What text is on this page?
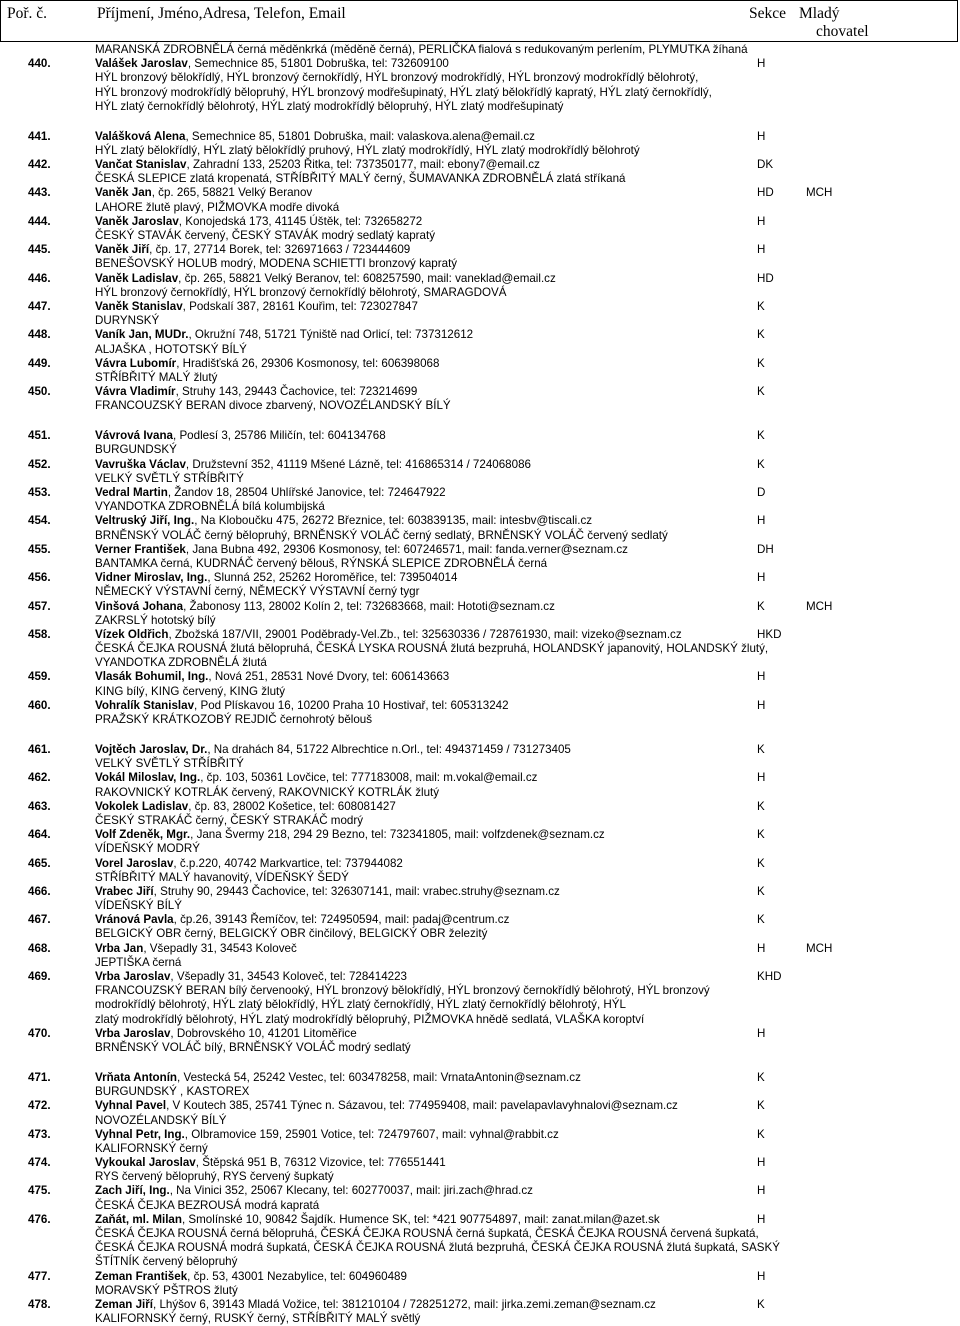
Poř. č.	Příjmení, Jméno,Adresa, Telefon, Email	Sekce Mladý
chovatel
MARANSKÁ ZDROBNĚLÁ černá měděnkrká (měděně černá), PERLIČKA fialová s redukovaným perlením, PLYMUTKA žíhaná
440.	Valášek Jaroslav, Semechnice 85, 51801 Dobruška, tel: 732609100	H
HÝL bronzový bělokřídlý, HÝL bronzový černokřídlý, HÝL bronzový modrokřídlý, HÝL bronzový modrokřídlý bělohrotý,
HÝL bronzový modrokřídlý bělopruhý, HÝL bronzový modřešupinatý, HÝL zlatý bělokřídlý kapratý, HÝL zlatý černokřídlý,
HÝL zlatý černokřídlý bělohrotý, HÝL zlatý modrokřídlý bělopruhý, HÝL zlatý modřešupinatý
441.	Valášková Alena, Semechnice 85, 51801 Dobruška, mail: valaskova.alena@email.cz	H
HÝL zlatý bělokřídlý, HÝL zlatý bělokřídlý pruhový, HÝL zlatý modrokřídlý, HÝL zlatý modrokřídlý bělohrotý
442.	Vančat Stanislav, Zahradní 133, 25203 Řitka, tel: 737350177, mail: ebony7@email.cz	DK
ČESKÁ SLEPICE zlatá kropenatá, STŘÍBŘITÝ MALÝ černý, ŠUMAVANKA ZDROBNĚLÁ zlatá stříkaná
443.	Vaněk Jan, čp. 265, 58821 Velký Beranov	HD	MCH
LAHORE žlutě plavý, PIŽMOVKA modře divoká
444.	Vaněk Jaroslav, Konojedská 173, 41145 Úštěk, tel: 732658272	H
ČESKÝ STAVÁK červený, ČESKÝ STAVÁK modrý sedlatý kapratý
445.	Vaněk Jiří, čp. 17, 27714 Borek, tel: 326971663 / 723444609	H
BENEŠOVSKÝ HOLUB modrý, MODENA SCHIETTI bronzový kapratý
446.	Vaněk Ladislav, čp. 265, 58821 Velký Beranov, tel: 608257590, mail: vaneklad@email.cz	HD
HÝL bronzový černokřídlý, HÝL bronzový černokřídlý bělohrotý, SMARAGDOVÁ
447.	Vaněk Stanislav, Podskalí 387, 28161 Kouřim, tel: 723027847	K
DURYNSKÝ
448.	Vaník Jan, MUDr., Okružní 748, 51721 Týniště nad Orlicí, tel: 737312612	K
ALJAŠKA , HOTOTSKÝ BÍLÝ
449.	Vávra Lubomír, Hradišťská 26, 29306 Kosmonosy, tel: 606398068	K
STŘÍBŘITÝ MALÝ žlutý
450.	Vávra Vladimír, Struhy 143, 29443 Čachovice, tel: 723214699	K
FRANCOUZSKÝ BERAN divoce zbarvený, NOVOZÉLANDSKÝ BÍLÝ
451.	Vávrová Ivana, Podlesí 3, 25786 Miličín, tel: 604134768	K
BURGUNDSKÝ
452.	Vavruška Václav, Družstevní 352, 41119 Mšené Lázně, tel: 416865314 / 724068086	K
VELKÝ SVĚTLÝ STŘÍBŘITÝ
453.	Vedral Martin, Žandov 18, 28504 Uhlířské Janovice, tel: 724647922	D
VYANDOTKA ZDROBNĚLÁ bílá kolumbijská
454.	Veltruský Jiří, Ing., Na Kloboučku 475, 26272 Březnice, tel: 603839135, mail: intesbv@tiscali.cz	H
BRNĚNSKÝ VOLÁČ černý bělopruhý, BRNĚNSKÝ VOLÁČ černý sedlatý, BRNĚNSKÝ VOLÁČ červený sedlatý
455.	Verner František, Jana Bubna 492, 29306 Kosmonosy, tel: 607246571, mail: fanda.verner@seznam.cz	DH
BANTAMKA černá, KUDRNÁČ červený bělouš, RÝNSKÁ SLEPICE ZDROBNĚLÁ černá
456.	Vidner Miroslav, Ing., Slunná 252, 25262 Horoměřice, tel: 739504014	H
NĚMECKÝ VÝSTAVNÍ černý, NĚMECKÝ VÝSTAVNÍ černý tygr
457.	Vinšová Johana, Žabonosy 113, 28002 Kolín 2, tel: 732683668, mail: Hototi@seznam.cz	K	MCH
ZAKRSLÝ hototský bílý
458.	Vízek Oldřich, Zbožská 187/VII, 29001 Poděbrady-Vel.Zb., tel: 325630336 / 728761930, mail: vizeko@seznam.cz	HKD
ČESKÁ ČEJKA ROUSNÁ žlutá bělopruhá, ČESKÁ LYSKA ROUSNÁ žlutá bezpruhá, HOLANDSKÝ japanovitý, HOLANDSKÝ žlutý,
VYANDOTKA ZDROBNĚLÁ žlutá
459.	Vlasák Bohumil, Ing., Nová 251, 28531 Nové Dvory, tel: 606143663	H
KING bílý, KING červený, KING žlutý
460.	Vohralík Stanislav, Pod Plískavou 16, 10200 Praha 10 Hostivař, tel: 605313242	H
PRAŽSKÝ KRÁTKOZOBÝ REJDIČ černohrotý bělouš
461.	Vojtěch Jaroslav, Dr., Na drahách 84, 51722 Albrechtice n.Orl., tel: 494371459 / 731273405	K
VELKÝ SVĚTLÝ STŘÍBŘITÝ
462.	Vokál Miloslav, Ing., čp. 103, 50361 Lovčice, tel: 777183008, mail: m.vokal@email.cz	H
RAKOVNICKÝ KOTRLÁK červený, RAKOVNICKÝ KOTRLÁK žlutý
463.	Vokolek Ladislav, čp. 83, 28002 Košetice, tel: 608081427	K
ČESKÝ STRAKÁČ černý, ČESKÝ STRAKÁČ modrý
464.	Volf Zdeněk, Mgr., Jana Švermy 218, 294 29 Bezno, tel: 732341805, mail: volfzdenek@seznam.cz	K
VÍDEŇSKÝ MODRÝ
465.	Vorel Jaroslav, č.p.220, 40742 Markvartice, tel: 737944082	K
STŘÍBŘITÝ MALÝ havanovitý, VÍDEŇSKÝ ŠEDÝ
466.	Vrabec Jiří, Struhy 90, 29443 Čachovice, tel: 326307141, mail: vrabec.struhy@seznam.cz	K
VÍDEŇSKÝ BÍLÝ
467.	Vránová Pavla, čp.26, 39143 Řemíčov, tel: 724950594, mail: padaj@centrum.cz	K
BELGICKÝ OBR černý, BELGICKÝ OBR činčilový, BELGICKÝ OBR železitý
468.	Vrba Jan, Všepadly 31, 34543 Koloveč	H	MCH
JEPTIŠKA černá
469.	Vrba Jaroslav, Všepadly 31, 34543 Koloveč, tel: 728414223	KHD
FRANCOUZSKÝ BERAN bílý červenooký, HÝL bronzový bělokřídlý, HÝL bronzový černokřídlý bělohrotý, HÝL bronzový
modrokřídlý bělohrotý, HÝL zlatý bělokřídlý, HÝL zlatý černokřídlý, HÝL zlatý černokřídlý bělohrotý, HÝL
zlatý modrokřídlý bělohrotý, HÝL zlatý modrokřídlý bělopruhý, PIŽMOVKA hnědě sedlatá, VLAŠKA koroptví
470.	Vrba Jaroslav, Dobrovského 10, 41201 Litoměřice	H
BRNĚNSKÝ VOLÁČ bílý, BRNĚNSKÝ VOLÁČ modrý sedlatý
471.	Vrňata Antonín, Vestecká 54, 25242 Vestec, tel: 603478258, mail: VrnataAntonin@seznam.cz	K
BURGUNDSKÝ , KASTOREX
472.	Vyhnal Pavel, V Koutech 385, 25741 Týnec n. Sázavou, tel: 774959408, mail: pavelapavlavyhnalovi@seznam.cz	K
NOVOZÉLANDSKÝ BÍLÝ
473.	Vyhnal Petr, Ing., Olbramovice 159, 25901 Votice, tel: 724797607, mail: vyhnal@rabbit.cz	K
KALIFORNSKÝ černý
474.	Vykoukal Jaroslav, Štěpská 951 B, 76312 Vizovice, tel: 776551441	H
RYS červený bělopruhý, RYS červený šupkatý
475.	Zach Jiří, Ing., Na Vinici 352, 25067 Klecany, tel: 602770037, mail: jiri.zach@hrad.cz	H
ČESKÁ ČEJKA BEZROUSÁ modrá kapratá
476.	Zaňát, ml. Milan, Smolínské 10, 90842 Šajdík. Humence SK, tel: *421 907754897, mail: zanat.milan@azet.sk	H
ČESKÁ ČEJKA ROUSNÁ černá bělopruhá, ČESKÁ ČEJKA ROUSNÁ černá šupkatá, ČESKÁ ČEJKA ROUSNÁ červená šupkatá,
ČESKÁ ČEJKA ROUSNÁ modrá šupkatá, ČESKÁ ČEJKA ROUSNÁ žlutá bezpruhá, ČESKÁ ČEJKA ROUSNÁ žlutá šupkatá, SASKÝ
ŠTÍTNÍK červený bělopruhý
477.	Zeman František, čp. 53, 43001 Nezabylice, tel: 604960489	H
MORAVSKÝ PŠTROS žlutý
478.	Zeman Jiří, Lhýšov 6, 39143 Mladá Vožice, tel: 381210104 / 728251272, mail: jirka.zemi.zeman@seznam.cz	K
KALIFORNSKÝ černý, RUSKÝ černý, STŘÍBŘITÝ MALÝ světlý
